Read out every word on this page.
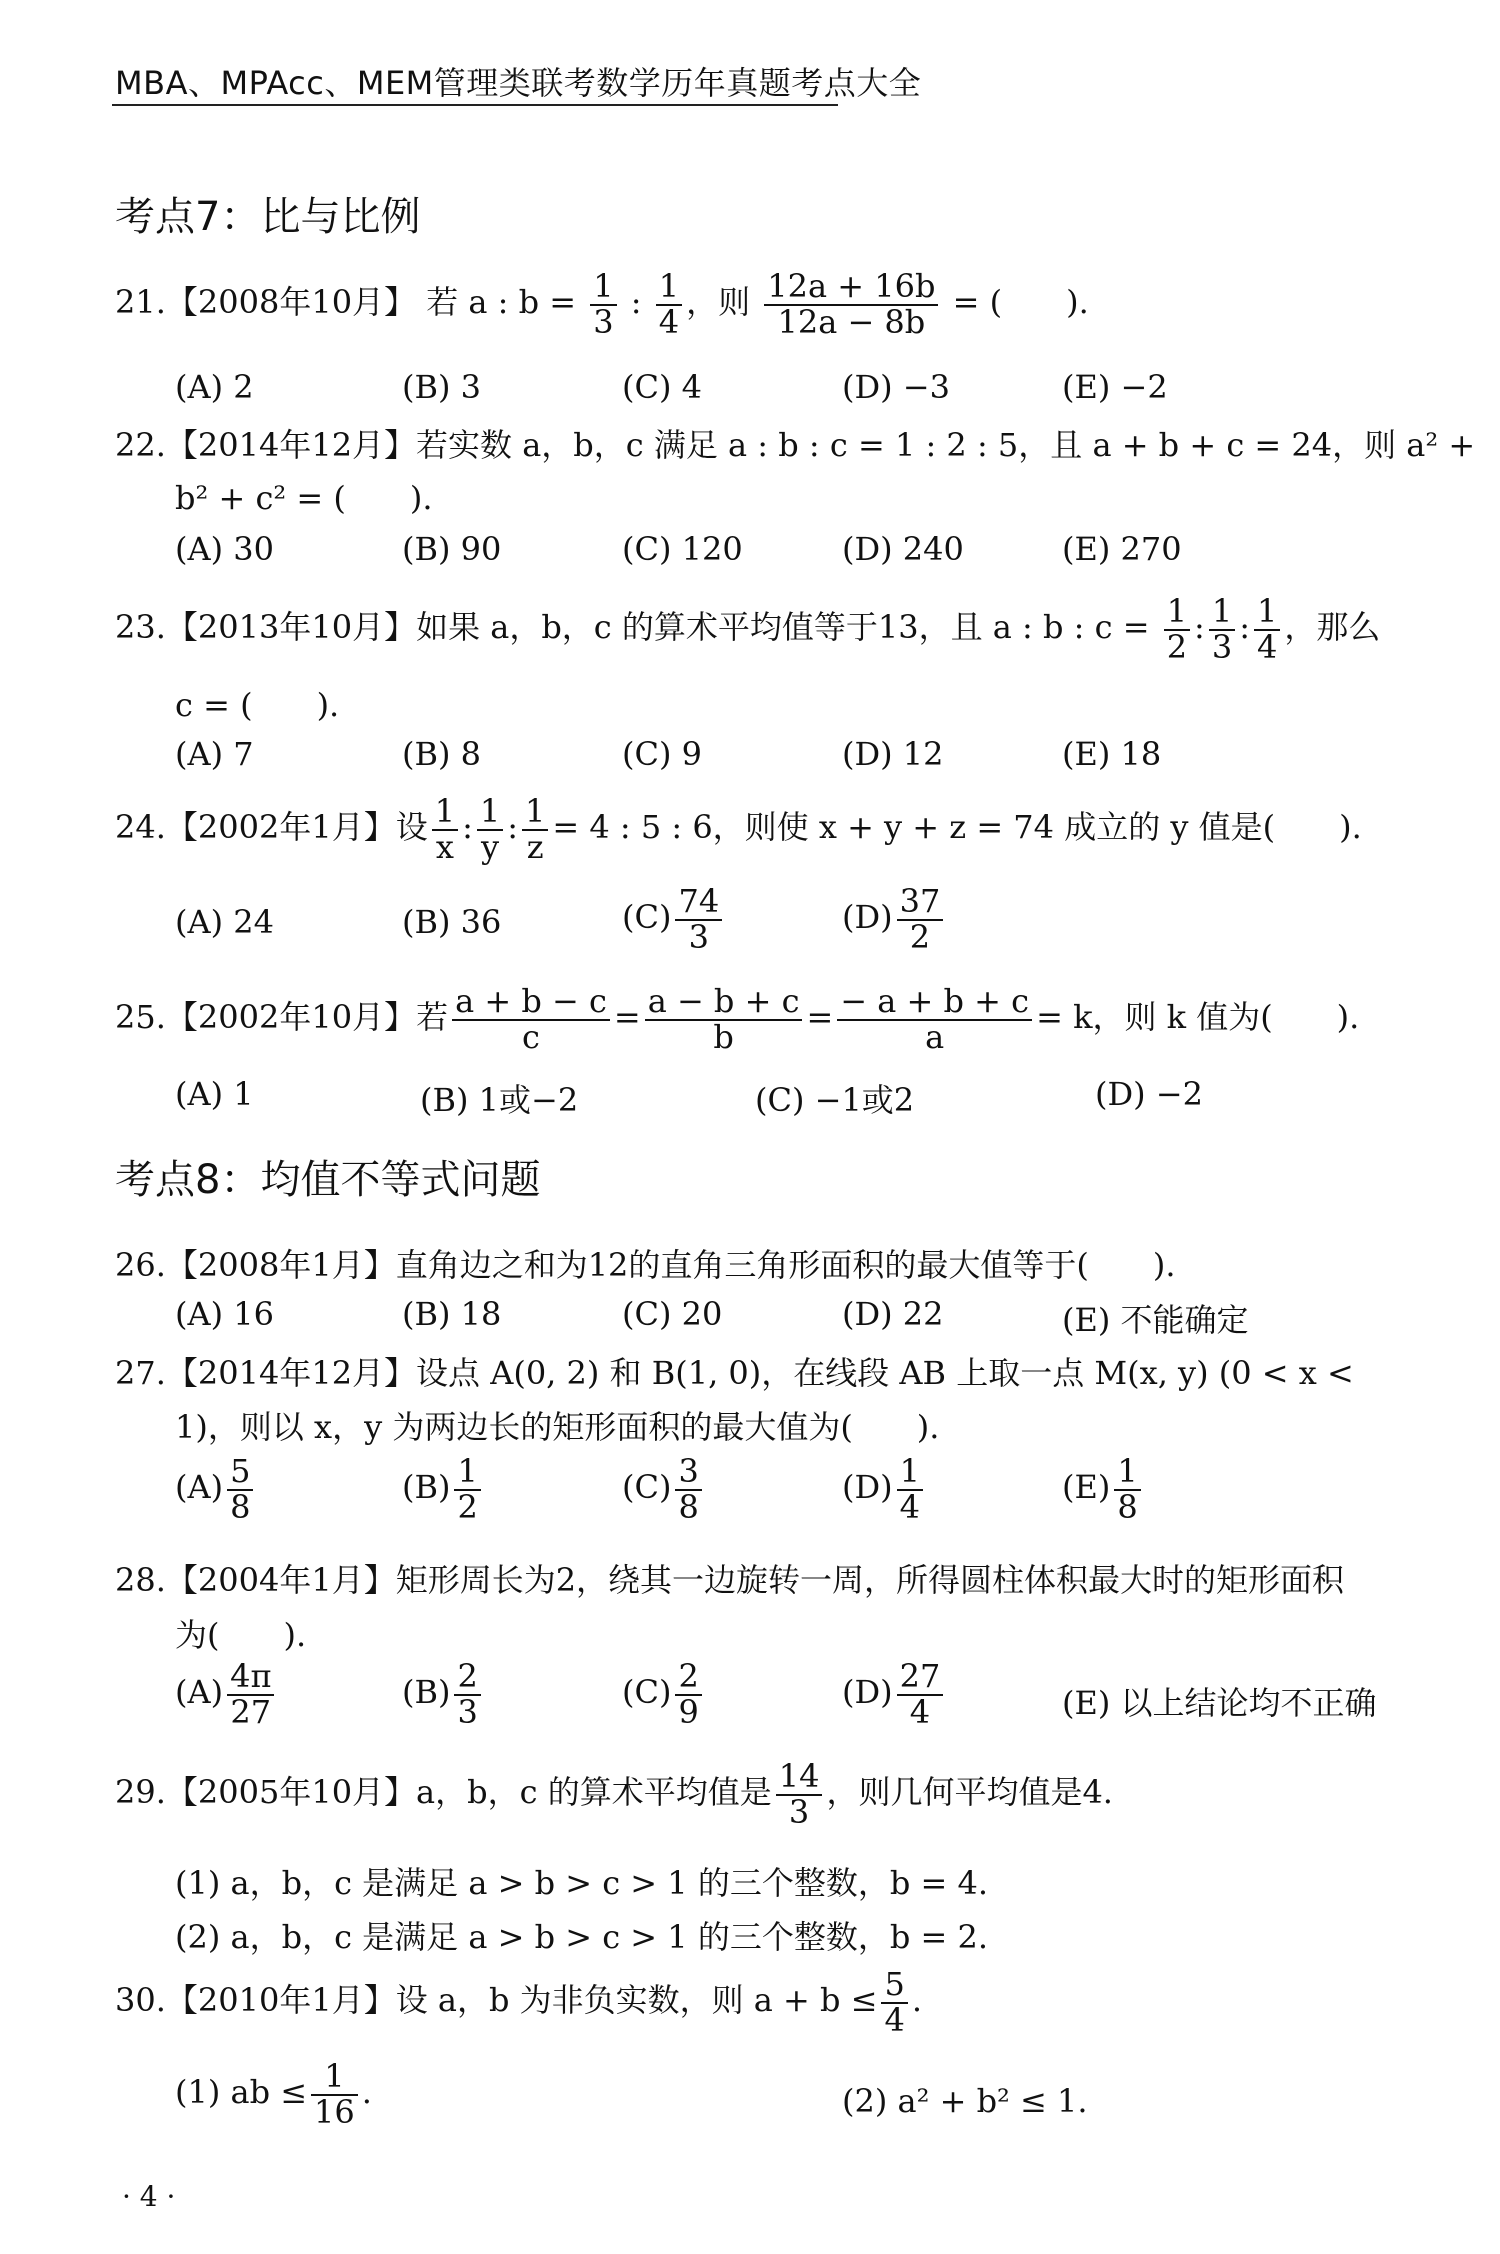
MBA、MPAcc、MEM管理类联考数学历年真题考点大全
考点7：比与比例
21.【2008年10月】 若 a : $b = \frac{1}{3}$ : $\frac{1}{4}$ ，则 $\frac{12a + 16b}{12a - 8b}$ = (　　).
(A) 2	(B) 3	(C) 4	(D) −3	(E) −2
22.【2014年12月】若实数 a，b，c 满足 a : b : c = 1 : 2 : 5，且 a + b + c = 24，则 a² +
b² + c² = (　　).
(A) 30	(B) 90	(C) 120	(D) 240	(E) 270
23.【2013年10月】如果 a，b，c 的算术平均值等于13，且 a : b : $c = \frac{1}{2}$ : $\frac{1}{3}$ : $\frac{1}{4}$ ，那么
c = (　　).
(A) 7	(B) 8	(C) 9	(D) 12	(E) 18
24.【2002年1月】设 $\frac{1}{x}$ : $\frac{1}{y}$ : $\frac{1}{z} = 4$ : 5 : 6，则使 x + y + z = 74 成立的 y 值是(　　).
(A) 24	(B) 36	$(C) \frac{74}{3}$	$(D) \frac{37}{2}$
25.【2002年10月】若 $\frac{a + b - c}{c} = \frac{a - b + c}{b} = \frac{- a + b + c}{a} = k$，则 k 值为(　　).
(A) 1	(B) 1或−2	(C) −1或2	(D) −2
考点8：均值不等式问题
26.【2008年1月】直角边之和为12的直角三角形面积的最大值等于(　　).
(A) 16	(B) 18	(C) 20	(D) 22	(E) 不能确定
27.【2014年12月】设点 A(0, 2) 和 B(1, 0)，在线段 AB 上取一点 M(x, y) (0 < x <
1)，则以 x，y 为两边长的矩形面积的最大值为(　　).
$(A) \frac{5}{8}$	$(B) \frac{1}{2}$	$(C) \frac{3}{8}$	$(D) \frac{1}{4}$	$(E) \frac{1}{8}$
28.【2004年1月】矩形周长为2，绕其一边旋转一周，所得圆柱体积最大时的矩形面积
为(　　).
$(A) \frac{4\pi}{27}$	$(B) \frac{2}{3}$	$(C) \frac{2}{9}$	$(D) \frac{27}{4}$	(E) 以上结论均不正确
29.【2005年10月】a，b，c 的算术平均值是 $\frac{14}{3}$ ，则几何平均值是4.
(1) a，b，c 是满足 a > b > c > 1 的三个整数，b = 4.
(2) a，b，c 是满足 a > b > c > 1 的三个整数，b = 2.
30.【2010年1月】设 a，b 为非负实数，则 $a + b \le \frac{5}{4}$ .
(1) ab ≤ $\frac{1}{16}$ .	(2) a² + b² ≤ 1.
· 4 ·
